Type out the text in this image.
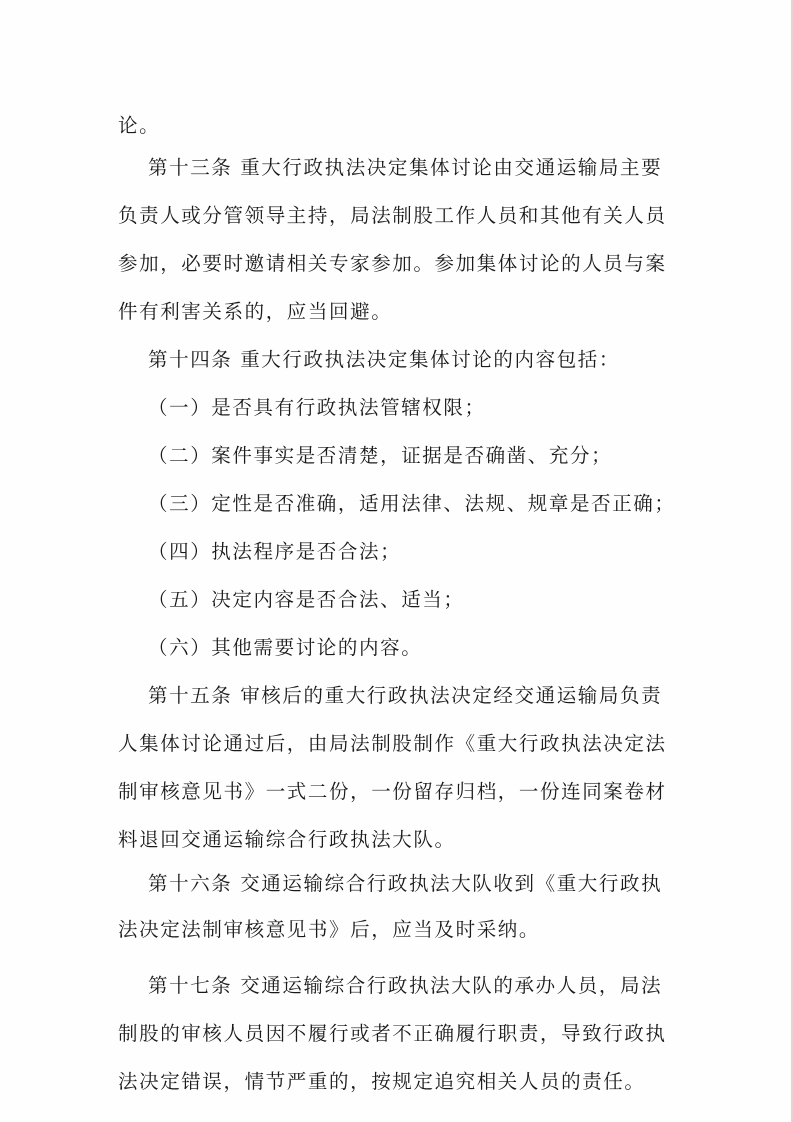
论。
第十三条 重大行政执法决定集体讨论由交通运输局主要
负责人或分管领导主持，局法制股工作人员和其他有关人员
参加，必要时邀请相关专家参加。参加集体讨论的人员与案
件有利害关系的，应当回避。
第十四条 重大行政执法决定集体讨论的内容包括：
（一）是否具有行政执法管辖权限；
（二）案件事实是否清楚，证据是否确凿、充分；
（三）定性是否准确，适用法律、法规、规章是否正确；
（四）执法程序是否合法；
（五）决定内容是否合法、适当；
（六）其他需要讨论的内容。
第十五条 审核后的重大行政执法决定经交通运输局负责
人集体讨论通过后，由局法制股制作《重大行政执法决定法
制审核意见书》一式二份，一份留存归档，一份连同案卷材
料退回交通运输综合行政执法大队。
第十六条 交通运输综合行政执法大队收到《重大行政执
法决定法制审核意见书》后，应当及时采纳。
第十七条 交通运输综合行政执法大队的承办人员，局法
制股的审核人员因不履行或者不正确履行职责，导致行政执
法决定错误，情节严重的，按规定追究相关人员的责任。
